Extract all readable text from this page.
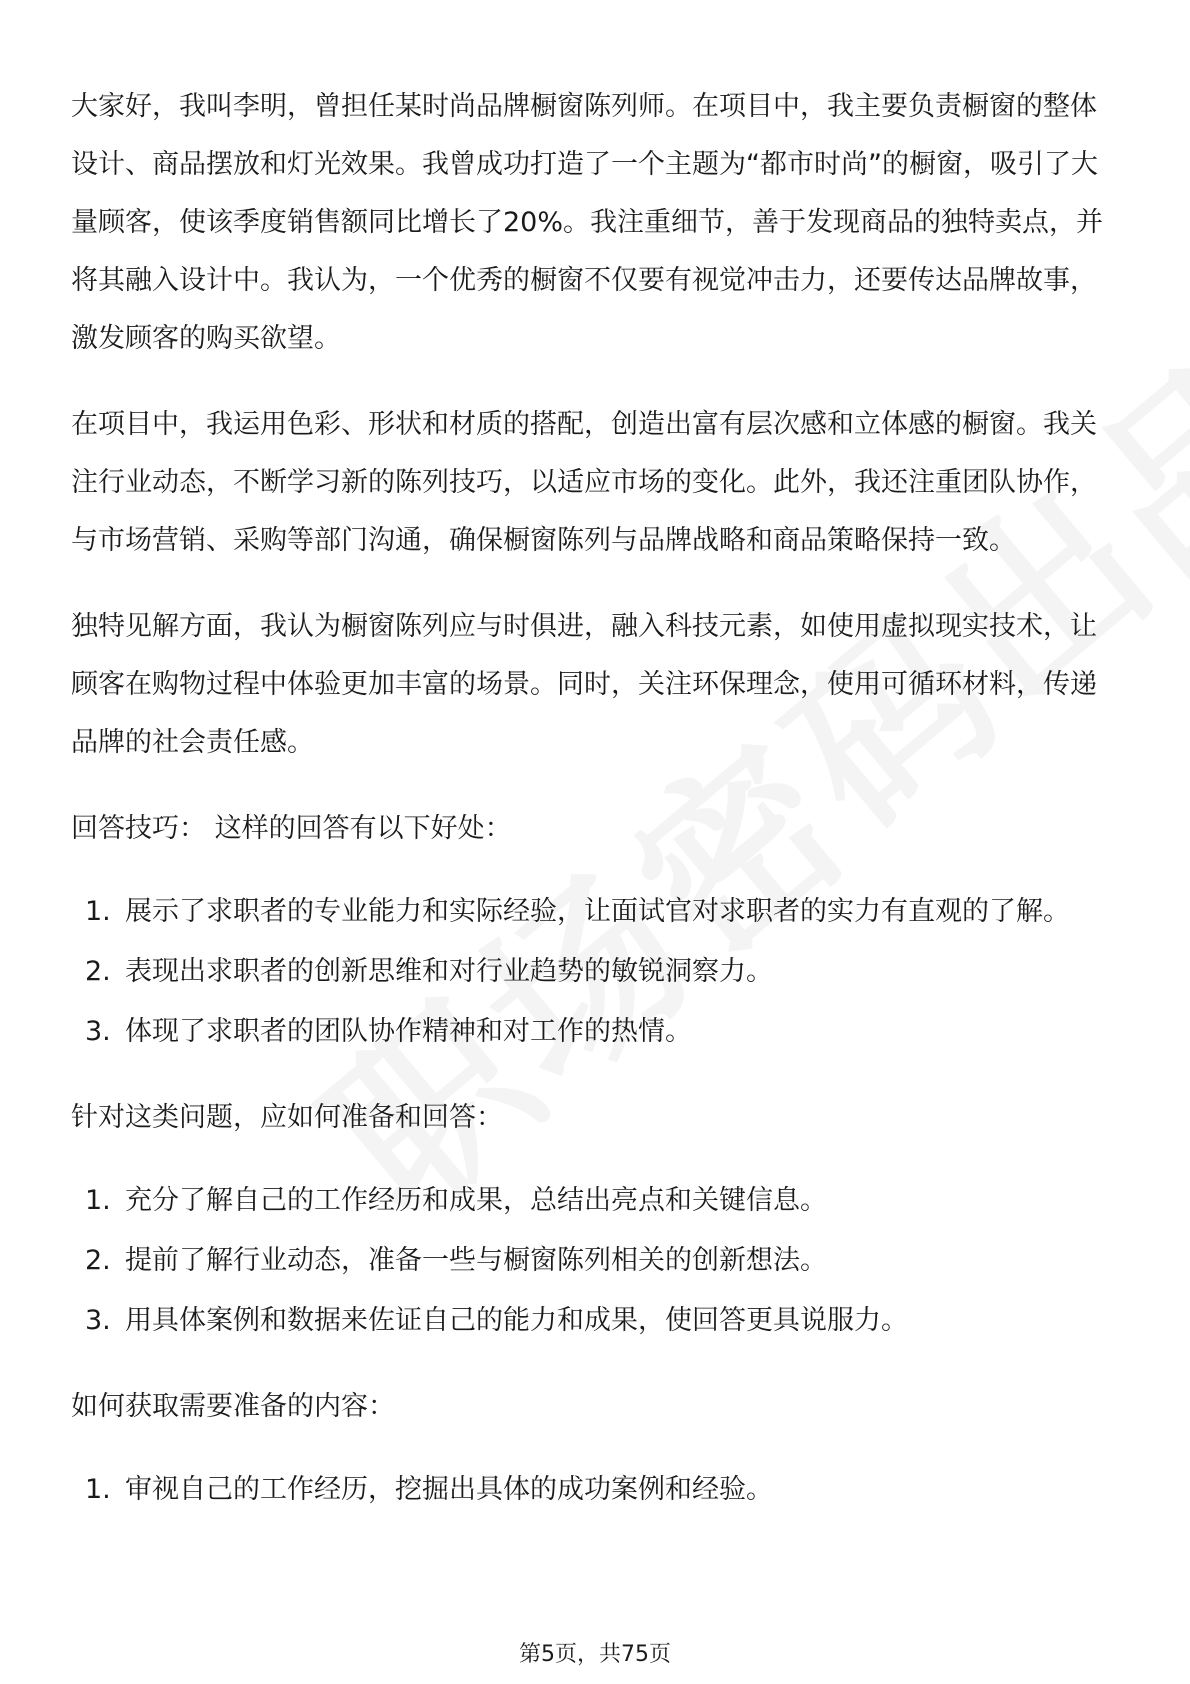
大家好，我叫李明，曾担任某时尚品牌橱窗陈列师。在项目中，我主要负责橱窗的整体设计、商品摆放和灯光效果。我曾成功打造了一个主题为“都市时尚”的橱窗，吸引了大量顾客，使该季度销售额同比增长了20%。我注重细节，善于发现商品的独特卖点，并将其融入设计中。我认为，一个优秀的橱窗不仅要有视觉冲击力，还要传达品牌故事，激发顾客的购买欲望。

在项目中，我运用色彩、形状和材质的搭配，创造出富有层次感和立体感的橱窗。我关注行业动态，不断学习新的陈列技巧，以适应市场的变化。此外，我还注重团队协作，与市场营销、采购等部门沟通，确保橱窗陈列与品牌战略和商品策略保持一致。

独特见解方面，我认为橱窗陈列应与时俱进，融入科技元素，如使用虚拟现实技术，让顾客在购物过程中体验更加丰富的场景。同时，关注环保理念，使用可循环材料，传递品牌的社会责任感。

回答技巧： 这样的回答有以下好处：
1. 展示了求职者的专业能力和实际经验，让面试官对求职者的实力有直观的了解。
2. 表现出求职者的创新思维和对行业趋势的敏锐洞察力。
3. 体现了求职者的团队协作精神和对工作的热情。
针对这类问题，应如何准备和回答：
1. 充分了解自己的工作经历和成果，总结出亮点和关键信息。
2. 提前了解行业动态，准备一些与橱窗陈列相关的创新想法。
3. 用具体案例和数据来佐证自己的能力和成果，使回答更具说服力。
如何获取需要准备的内容：
1. 审视自己的工作经历，挖掘出具体的成功案例和经验。
第5页，共75页
